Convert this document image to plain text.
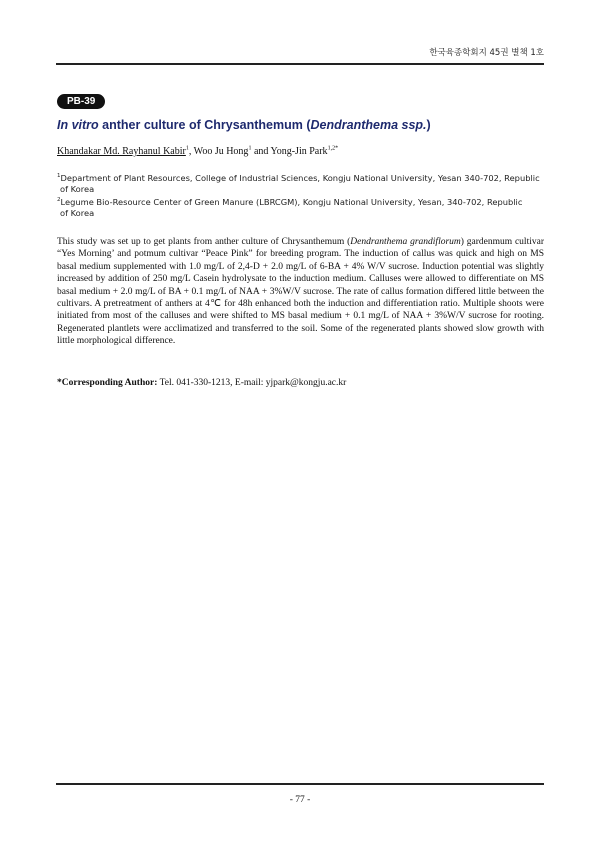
한국육종학회지 45권 별책 1호
PB-39
In vitro anther culture of Chrysanthemum (Dendranthema ssp.)
Khandakar Md. Rayhanul Kabir$^1$, Woo Ju Hong$^1$ and Yong-Jin Park$^{1,2*}$
$^1$Department of Plant Resources, College of Industrial Sciences, Kongju National University, Yesan 340-702, Republic
of Korea
$^2$Legume Bio-Resource Center of Green Manure (LBRCGM), Kongju National University, Yesan, 340-702, Republic
of Korea
This study was set up to get plants from anther culture of Chrysanthemum (Dendranthema grandiflorum) gardenmum cultivar “Yes Morning’ and potmum cultivar “Peace Pink” for breeding program. The induction of callus was quick and high on MS basal medium supplemented with 1.0 mg/L of 2,4-D + 2.0 mg/L of 6-BA + 4% W/V sucrose. Induction potential was slightly increased by addition of 250 mg/L Casein hydrolysate to the induction medium. Calluses were allowed to differentiate on MS basal medium + 2.0 mg/L of BA + 0.1 mg/L of NAA + 3%W/V sucrose. The rate of callus formation differed little between the cultivars. A pretreatment of anthers at 4℃ for 48h enhanced both the induction and differentiation ratio. Multiple shoots were initiated from most of the calluses and were shifted to MS basal medium + 0.1 mg/L of NAA + 3%W/V sucrose for rooting. Regenerated plantlets were acclimatized and transferred to the soil. Some of the regenerated plants showed slow growth with little morphological difference.
*Corresponding Author: Tel. 041-330-1213, E-mail: yjpark@kongju.ac.kr
- 77 -
